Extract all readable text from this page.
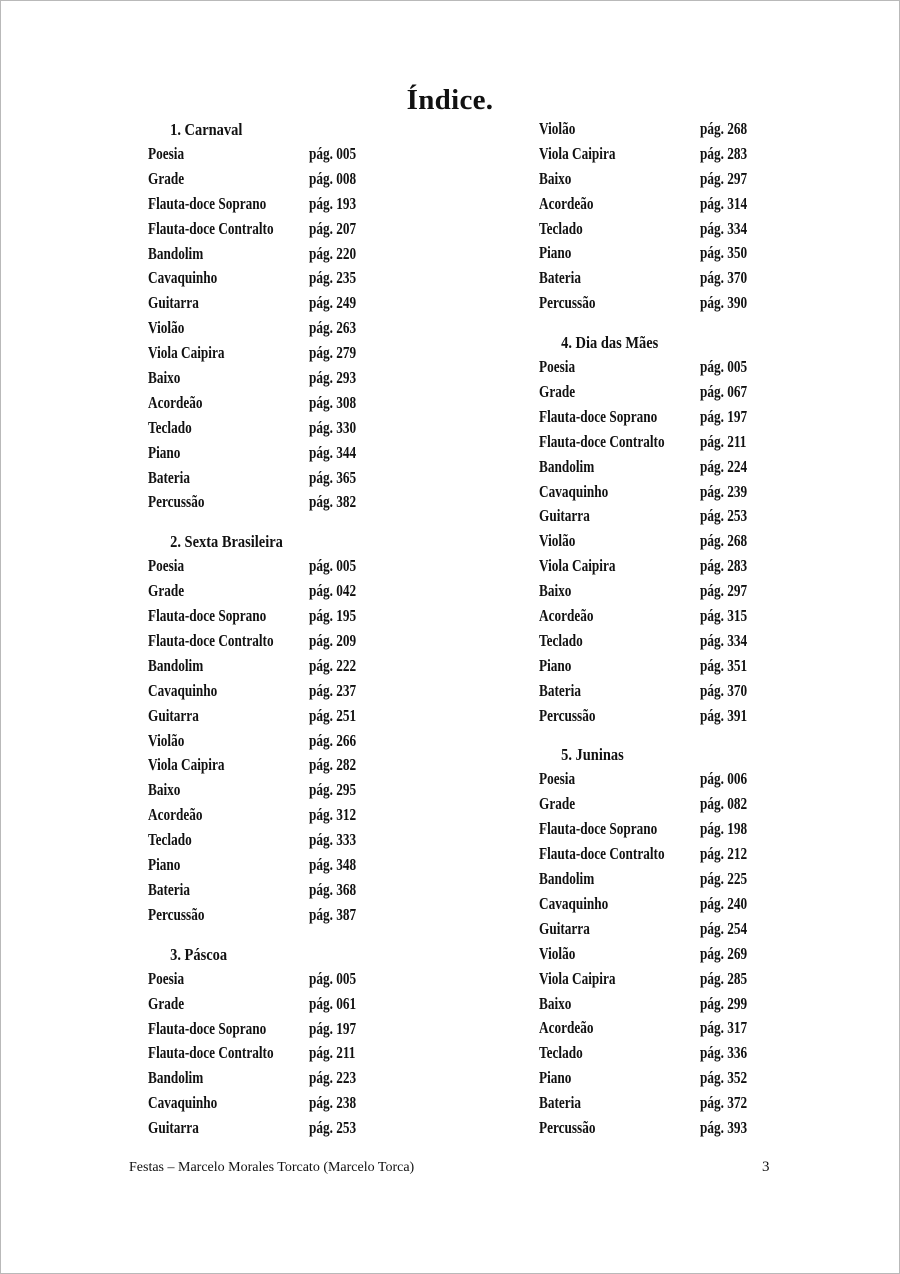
Índice.
1. Carnaval
Poesia	pág. 005
Grade	pág. 008
Flauta-doce Soprano	pág. 193
Flauta-doce Contralto pág. 207
Bandolim	pág. 220
Cavaquinho	pág. 235
Guitarra	pág. 249
Violão	pág. 263
Viola Caipira	pág. 279
Baixo	pág. 293
Acordeão	pág. 308
Teclado	pág. 330
Piano	pág. 344
Bateria	pág. 365
Percussão	pág. 382
2. Sexta Brasileira
Poesia	pág. 005
Grade	pág. 042
Flauta-doce Soprano	pág. 195
Flauta-doce Contralto pág. 209
Bandolim	pág. 222
Cavaquinho	pág. 237
Guitarra	pág. 251
Violão	pág. 266
Viola Caipira	pág. 282
Baixo	pág. 295
Acordeão	pág. 312
Teclado	pág. 333
Piano	pág. 348
Bateria	pág. 368
Percussão	pág. 387
3. Páscoa
Poesia	pág. 005
Grade	pág. 061
Flauta-doce Soprano	pág. 197
Flauta-doce Contralto pág. 211
Bandolim	pág. 223
Cavaquinho	pág. 238
Guitarra	pág. 253
Violão	pág. 268
Viola Caipira	pág. 283
Baixo	pág. 297
Acordeão	pág. 314
Teclado	pág. 334
Piano	pág. 350
Bateria	pág. 370
Percussão	pág. 390
4. Dia das Mães
Poesia	pág. 005
Grade	pág. 067
Flauta-doce Soprano	pág. 197
Flauta-doce Contralto pág. 211
Bandolim	pág. 224
Cavaquinho	pág. 239
Guitarra	pág. 253
Violão	pág. 268
Viola Caipira	pág. 283
Baixo	pág. 297
Acordeão	pág. 315
Teclado	pág. 334
Piano	pág. 351
Bateria	pág. 370
Percussão	pág. 391
5. Juninas
Poesia	pág. 006
Grade	pág. 082
Flauta-doce Soprano	pág. 198
Flauta-doce Contralto pág. 212
Bandolim	pág. 225
Cavaquinho	pág. 240
Guitarra	pág. 254
Violão	pág. 269
Viola Caipira	pág. 285
Baixo	pág. 299
Acordeão	pág. 317
Teclado	pág. 336
Piano	pág. 352
Bateria	pág. 372
Percussão	pág. 393
Festas – Marcelo Morales Torcato (Marcelo Torca)	3
